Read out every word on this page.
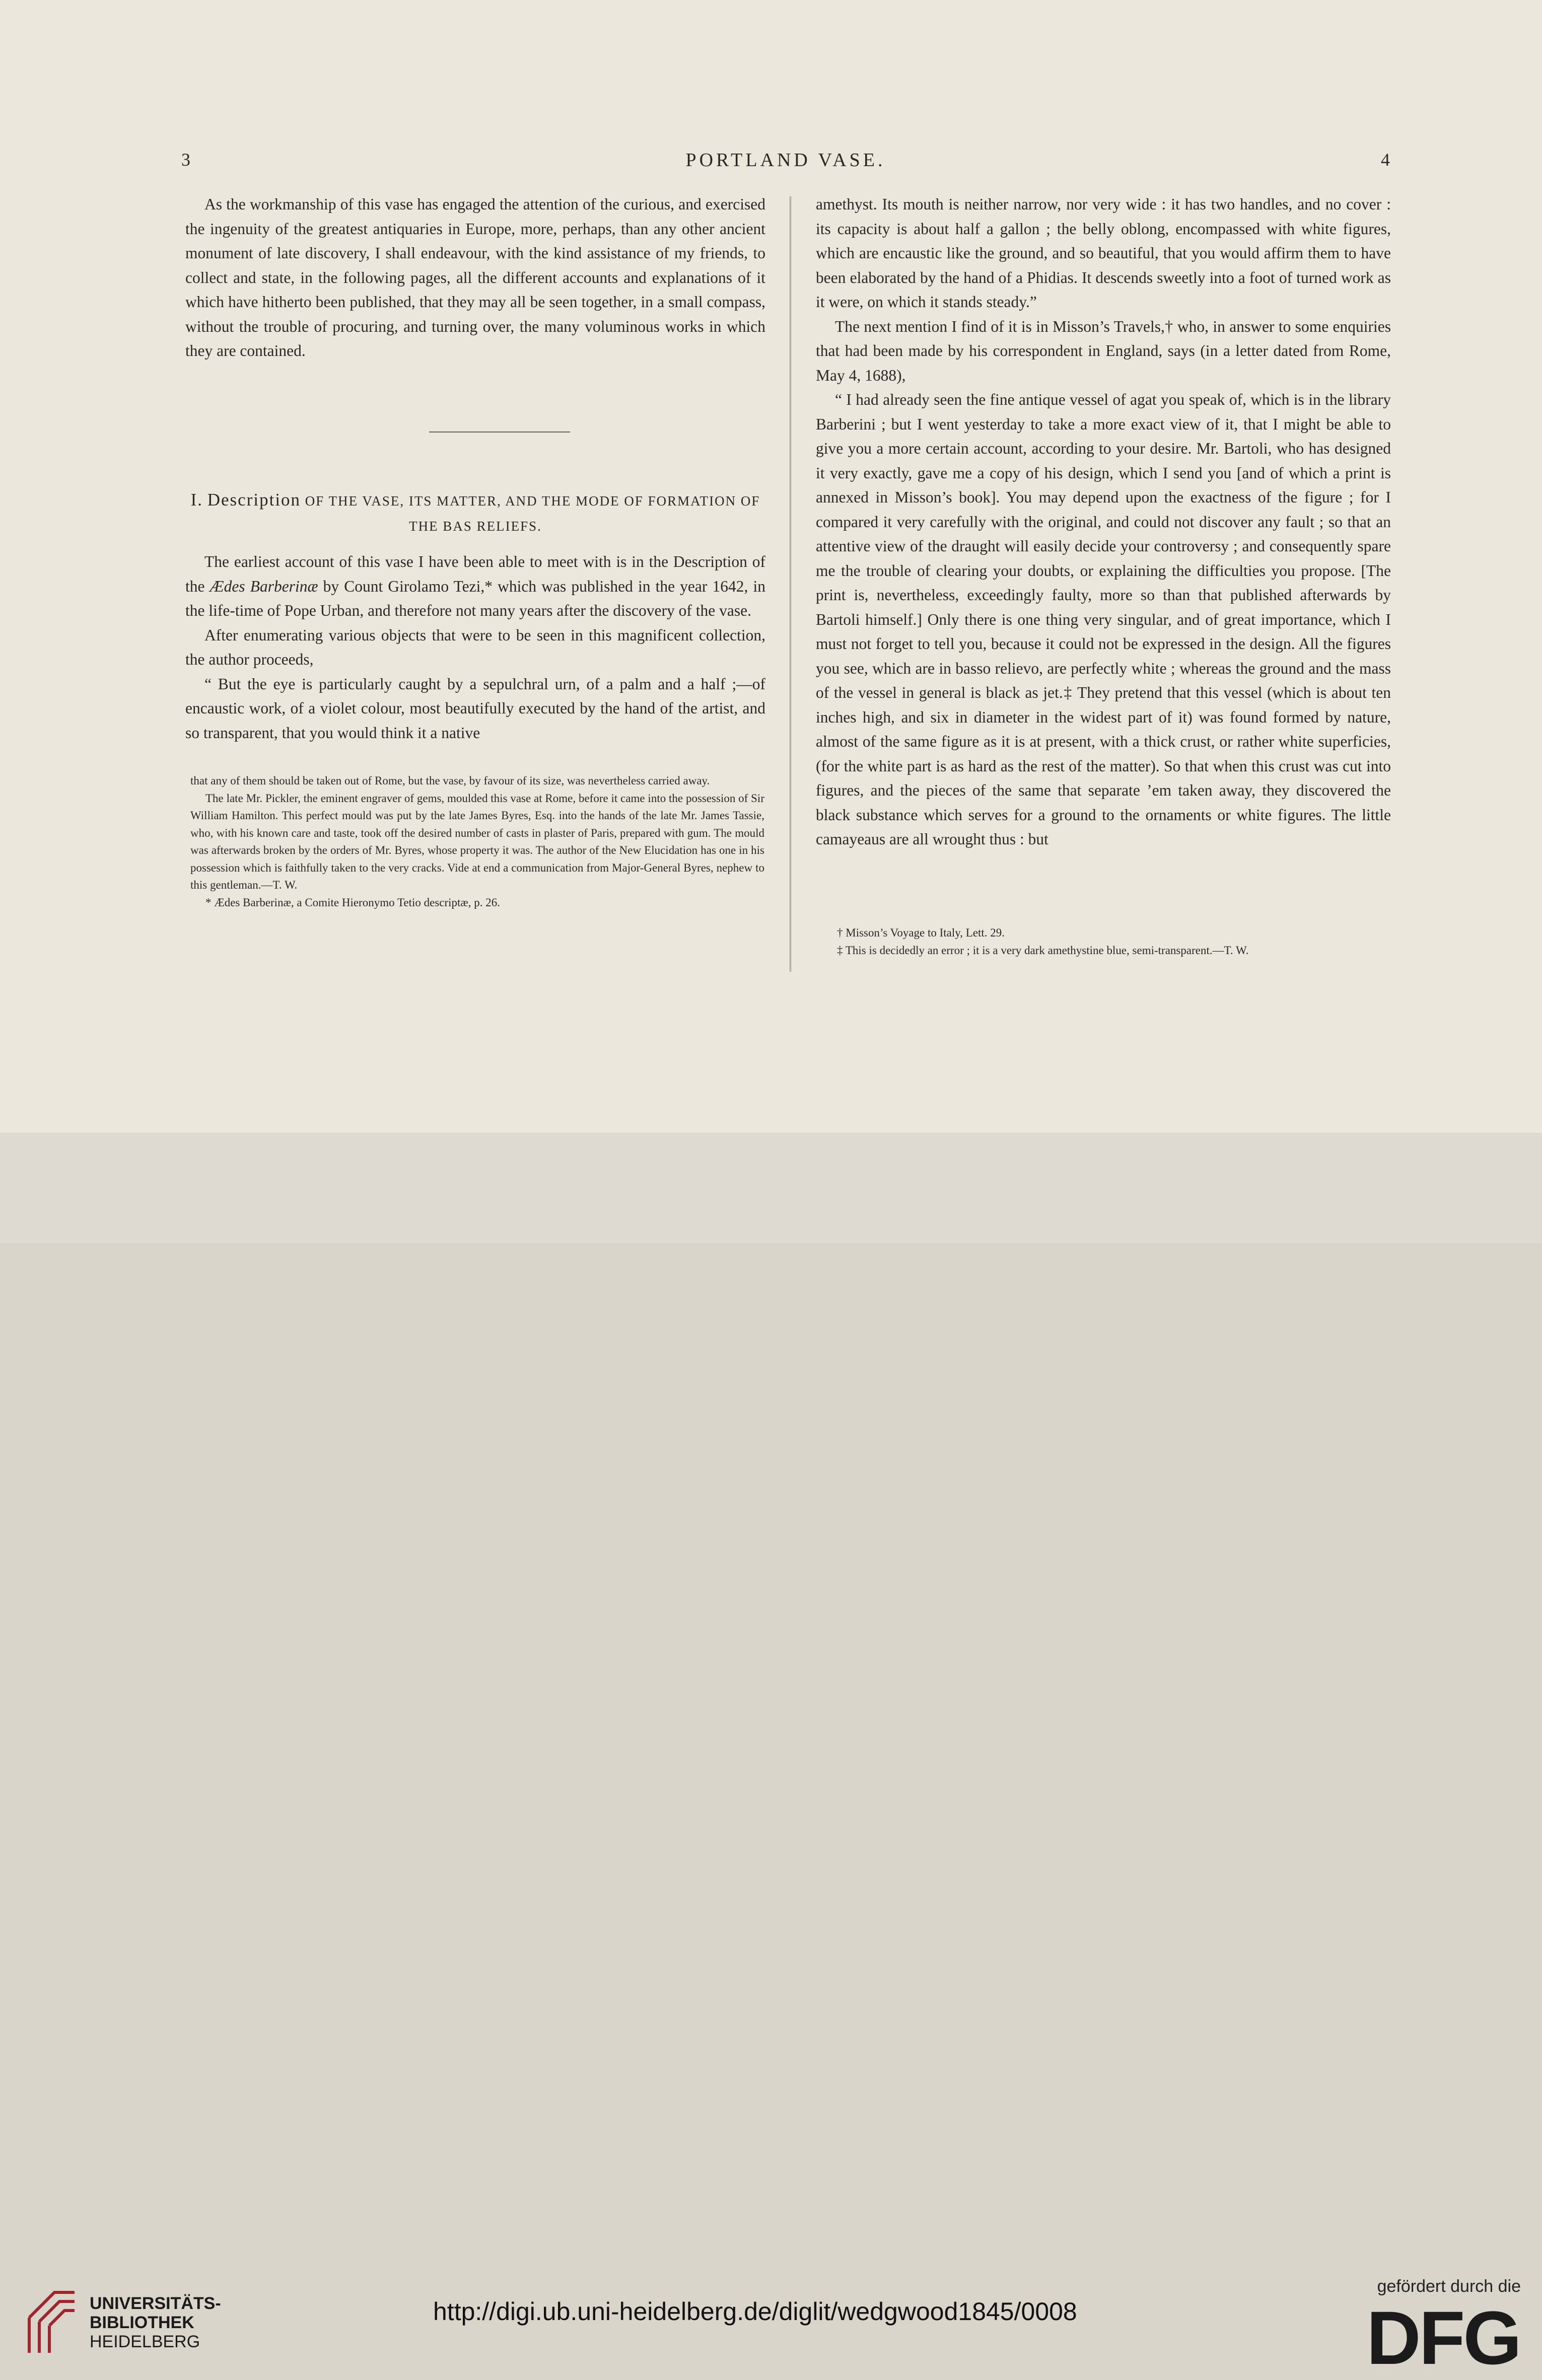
3	PORTLAND VASE.	4

As the workmanship of this vase has engaged the attention of the curious, and exercised the ingenuity of the greatest antiquaries in Europe, more, perhaps, than any other ancient monument of late discovery, I shall endeavour, with the kind assistance of my friends, to collect and state, in the following pages, all the different accounts and explanations of it which have hitherto been published, that they may all be seen together, in a small compass, without the trouble of procuring, and turning over, the many voluminous works in which they are contained.

I. Description OF THE VASE, ITS MATTER, AND THE MODE OF FORMATION OF THE BAS RELIEFS.

The earliest account of this vase I have been able to meet with is in the Description of the Ædes Barberinæ by Count Girolamo Tezi,* which was published in the year 1642, in the life-time of Pope Urban, and therefore not many years after the discovery of the vase.

After enumerating various objects that were to be seen in this magnificent collection, the author proceeds,

“ But the eye is particularly caught by a sepulchral urn, of a palm and a half ;—of encaustic work, of a violet colour, most beautifully executed by the hand of the artist, and so transparent, that you would think it a native

that any of them should be taken out of Rome, but the vase, by favour of its size, was nevertheless carried away.

The late Mr. Pickler, the eminent engraver of gems, moulded this vase at Rome, before it came into the possession of Sir William Hamilton. This perfect mould was put by the late James Byres, Esq. into the hands of the late Mr. James Tassie, who, with his known care and taste, took off the desired number of casts in plaster of Paris, prepared with gum. The mould was afterwards broken by the orders of Mr. Byres, whose property it was. The author of the New Elucidation has one in his possession which is faithfully taken to the very cracks. Vide at end a communication from Major-General Byres, nephew to this gentleman.—T. W.

* Ædes Barberinæ, a Comite Hieronymo Tetio descriptæ, p. 26.

amethyst. Its mouth is neither narrow, nor very wide : it has two handles, and no cover : its capacity is about half a gallon ; the belly oblong, encompassed with white figures, which are encaustic like the ground, and so beautiful, that you would affirm them to have been elaborated by the hand of a Phidias. It descends sweetly into a foot of turned work as it were, on which it stands steady.”

The next mention I find of it is in Misson’s Travels,† who, in answer to some enquiries that had been made by his correspondent in England, says (in a letter dated from Rome, May 4, 1688),

“ I had already seen the fine antique vessel of agat you speak of, which is in the library Barberini ; but I went yesterday to take a more exact view of it, that I might be able to give you a more certain account, according to your desire. Mr. Bartoli, who has designed it very exactly, gave me a copy of his design, which I send you [and of which a print is annexed in Misson’s book]. You may depend upon the exactness of the figure ; for I compared it very carefully with the original, and could not discover any fault ; so that an attentive view of the draught will easily decide your controversy ; and consequently spare me the trouble of clearing your doubts, or explaining the difficulties you propose. [The print is, nevertheless, exceedingly faulty, more so than that published afterwards by Bartoli himself.] Only there is one thing very singular, and of great importance, which I must not forget to tell you, because it could not be expressed in the design. All the figures you see, which are in basso relievo, are perfectly white ; whereas the ground and the mass of the vessel in general is black as jet.‡ They pretend that this vessel (which is about ten inches high, and six in diameter in the widest part of it) was found formed by nature, almost of the same figure as it is at present, with a thick crust, or rather white superficies, (for the white part is as hard as the rest of the matter). So that when this crust was cut into figures, and the pieces of the same that separate ’em taken away, they discovered the black substance which serves for a ground to the ornaments or white figures. The little camayeaus are all wrought thus : but

† Misson’s Voyage to Italy, Lett. 29.

‡ This is decidedly an error ; it is a very dark amethystine blue, semi-transparent.—T. W.

UNIVERSITÄTS-
BIBLIOTHEK
HEIDELBERG
http://digi.ub.uni-heidelberg.de/diglit/wedgwood1845/0008
gefördert durch die
DFG
